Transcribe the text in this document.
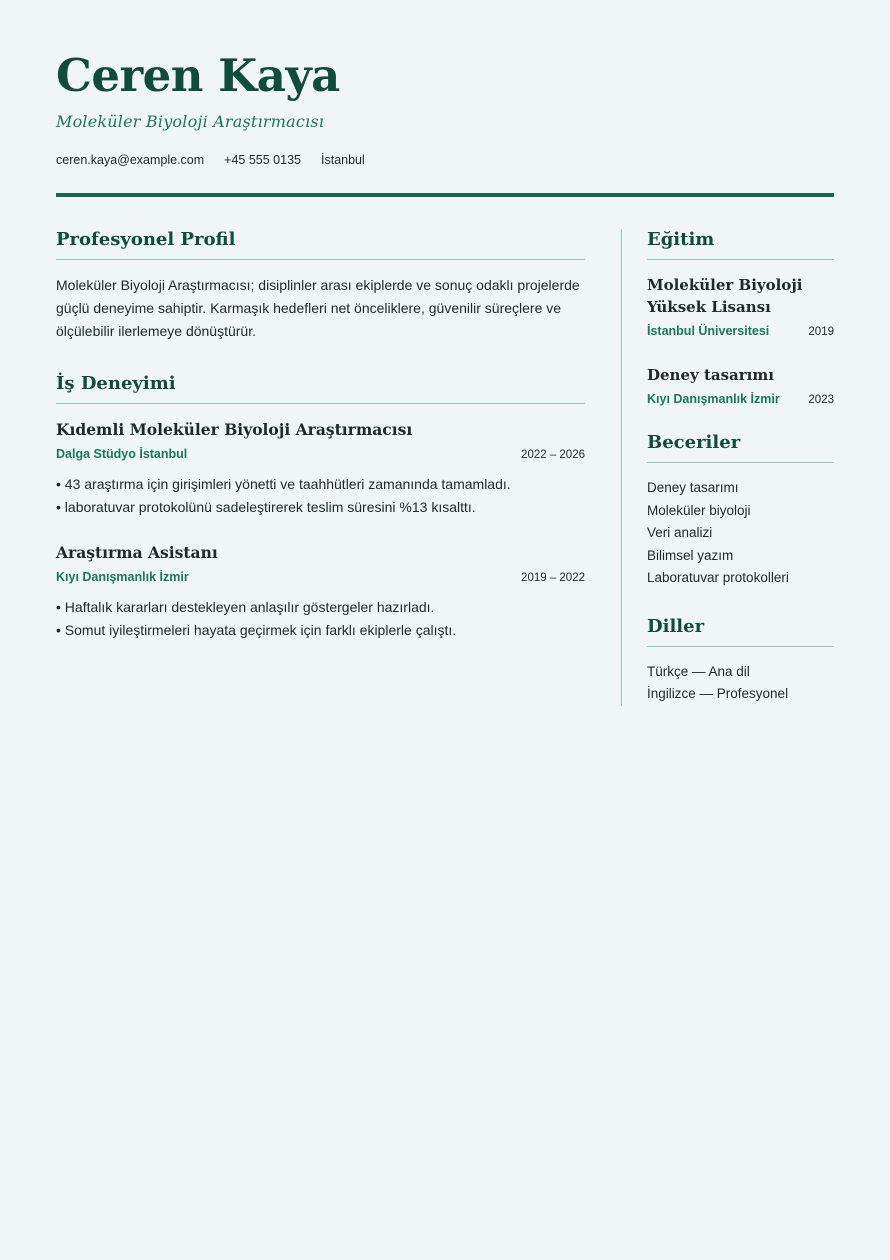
Ceren Kaya
Moleküler Biyoloji Araştırmacısı
ceren.kaya@example.com +45 555 0135 İstanbul
Profesyonel Profil

Moleküler Biyoloji Araştırmacısı; disiplinler arası ekiplerde ve sonuç odaklı projelerde güçlü deneyime sahiptir. Karmaşık hedefleri net önceliklere, güvenilir süreçlere ve ölçülebilir ilerlemeye dönüştürür.

İş Deneyimi
Kıdemli Moleküler Biyoloji Araştırmacısı
Dalga Stüdyo İstanbul	2022 – 2026
• 43 araştırma için girişimleri yönetti ve taahhütleri zamanında tamamladı.
• laboratuvar protokolünü sadeleştirerek teslim süresini %13 kısalttı.
Araştırma Asistanı
Kıyı Danışmanlık İzmir	2019 – 2022
• Haftalık kararları destekleyen anlaşılır göstergeler hazırladı.
• Somut iyileştirmeleri hayata geçirmek için farklı ekiplerle çalıştı.
Eğitim
Moleküler Biyoloji Yüksek Lisansı
İstanbul Üniversitesi	2019
Deney tasarımı
Kıyı Danışmanlık İzmir 2023
Beceriler
Deney tasarımı
Moleküler biyoloji
Veri analizi
Bilimsel yazım
Laboratuvar protokolleri
Diller
Türkçe — Ana dil
İngilizce — Profesyonel
